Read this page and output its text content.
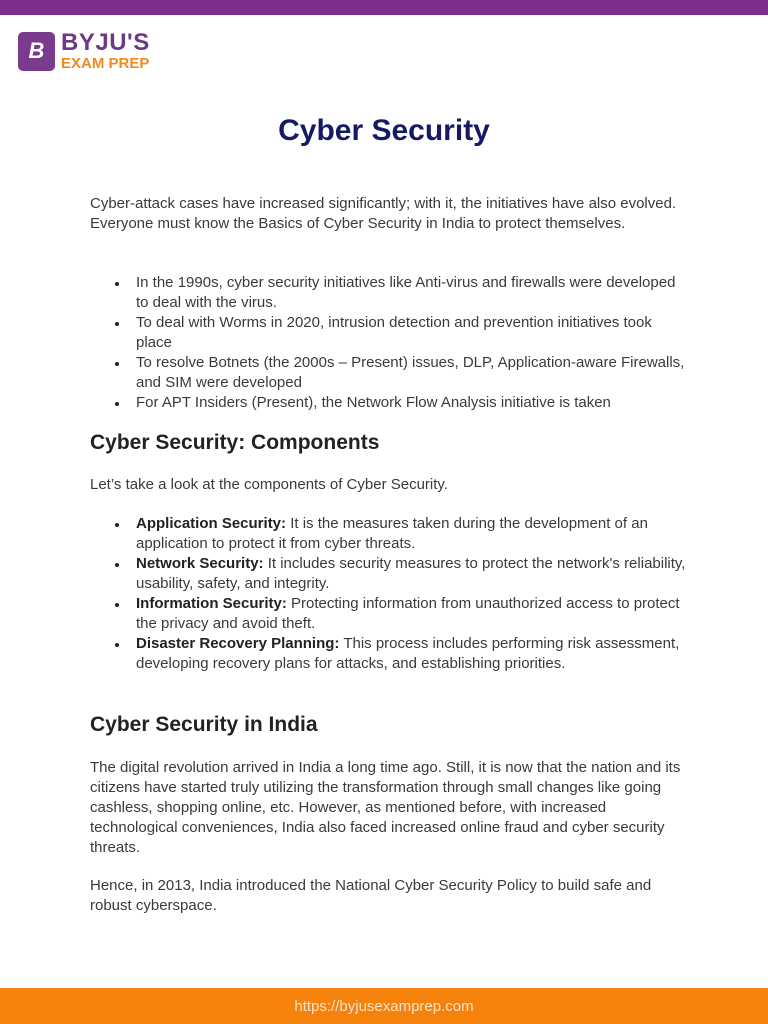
B BYJU'S
EXAM PREP
Cyber Security
Cyber-attack cases have increased significantly; with it, the initiatives have also evolved. Everyone must know the Basics of Cyber Security in India to protect themselves.
In the 1990s, cyber security initiatives like Anti-virus and firewalls were developed to deal with the virus.
To deal with Worms in 2020, intrusion detection and prevention initiatives took place
To resolve Botnets (the 2000s – Present) issues, DLP, Application-aware Firewalls, and SIM were developed
For APT Insiders (Present), the Network Flow Analysis initiative is taken
Cyber Security: Components
Let’s take a look at the components of Cyber Security.
Application Security: It is the measures taken during the development of an application to protect it from cyber threats.
Network Security: It includes security measures to protect the network's reliability, usability, safety, and integrity.
Information Security: Protecting information from unauthorized access to protect the privacy and avoid theft.
Disaster Recovery Planning: This process includes performing risk assessment, developing recovery plans for attacks, and establishing priorities.
Cyber Security in India
The digital revolution arrived in India a long time ago. Still, it is now that the nation and its citizens have started truly utilizing the transformation through small changes like going cashless, shopping online, etc. However, as mentioned before, with increased technological conveniences, India also faced increased online fraud and cyber security threats.
Hence, in 2013, India introduced the National Cyber Security Policy to build safe and robust cyberspace.
https://byjusexamprep.com
